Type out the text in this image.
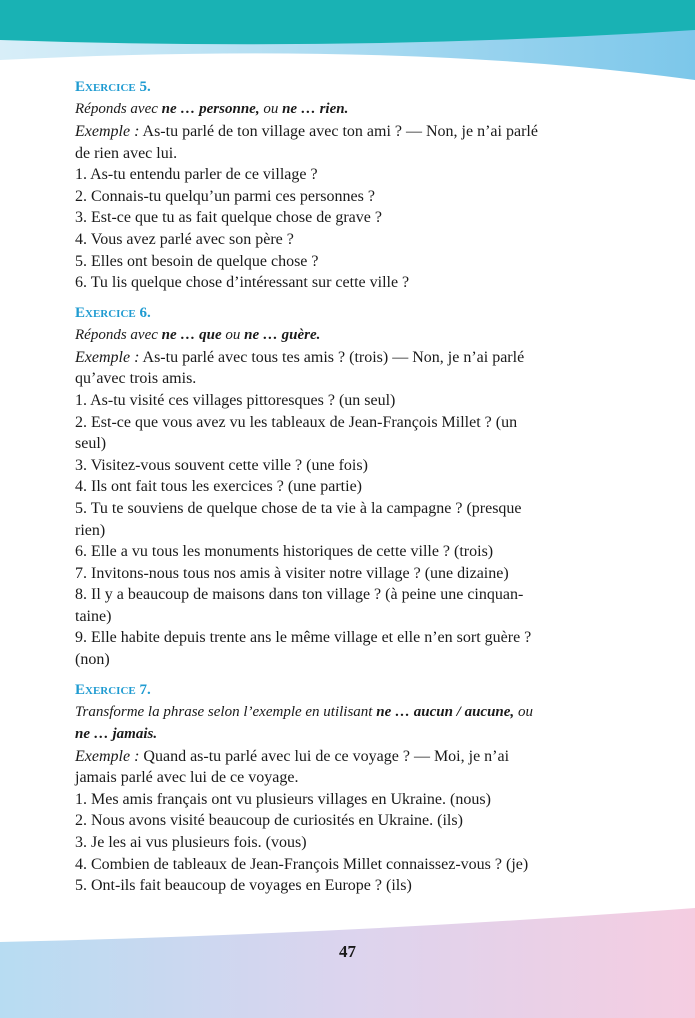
Exercice 5.

Réponds avec ne … personne, ou ne … rien.

Exemple : As-tu parlé de ton village avec ton ami ? — Non, je n’ai parlé

de rien avec lui.

1. As-tu entendu parler de ce village ?

2. Connais-tu quelqu’un parmi ces personnes ?

3. Est-ce que tu as fait quelque chose de grave ?

4. Vous avez parlé avec son père ?

5. Elles ont besoin de quelque chose ?

6. Tu lis quelque chose d’intéressant sur cette ville ?

Exercice 6.

Réponds avec ne … que ou ne … guère.

Exemple : As-tu parlé avec tous tes amis ? (trois) — Non, je n’ai parlé

qu’avec trois amis.

1. As-tu visité ces villages pittoresques ? (un seul)

2. Est-ce que vous avez vu les tableaux de Jean-François Millet ? (un

seul)

3. Visitez-vous souvent cette ville ? (une fois)

4. Ils ont fait tous les exercices ? (une partie)

5. Tu te souviens de quelque chose de ta vie à la campagne ? (presque

rien)

6. Elle a vu tous les monuments historiques de cette ville ? (trois)

7. Invitons-nous tous nos amis à visiter notre village ? (une dizaine)

8. Il y a beaucoup de maisons dans ton village ? (à peine une cinquan-

taine)

9. Elle habite depuis trente ans le même village et elle n’en sort guère ?

(non)

Exercice 7.

Transforme la phrase selon l’exemple en utilisant ne … aucun / aucune, ou

ne … jamais.

Exemple : Quand as-tu parlé avec lui de ce voyage ? — Moi, je n’ai

jamais parlé avec lui de ce voyage.

1. Mes amis français ont vu plusieurs villages en Ukraine. (nous)

2. Nous avons visité beaucoup de curiosités en Ukraine. (ils)

3. Je les ai vus plusieurs fois. (vous)

4. Combien de tableaux de Jean-François Millet connaissez-vous ? (je)

5. Ont-ils fait beaucoup de voyages en Europe ? (ils)

47
